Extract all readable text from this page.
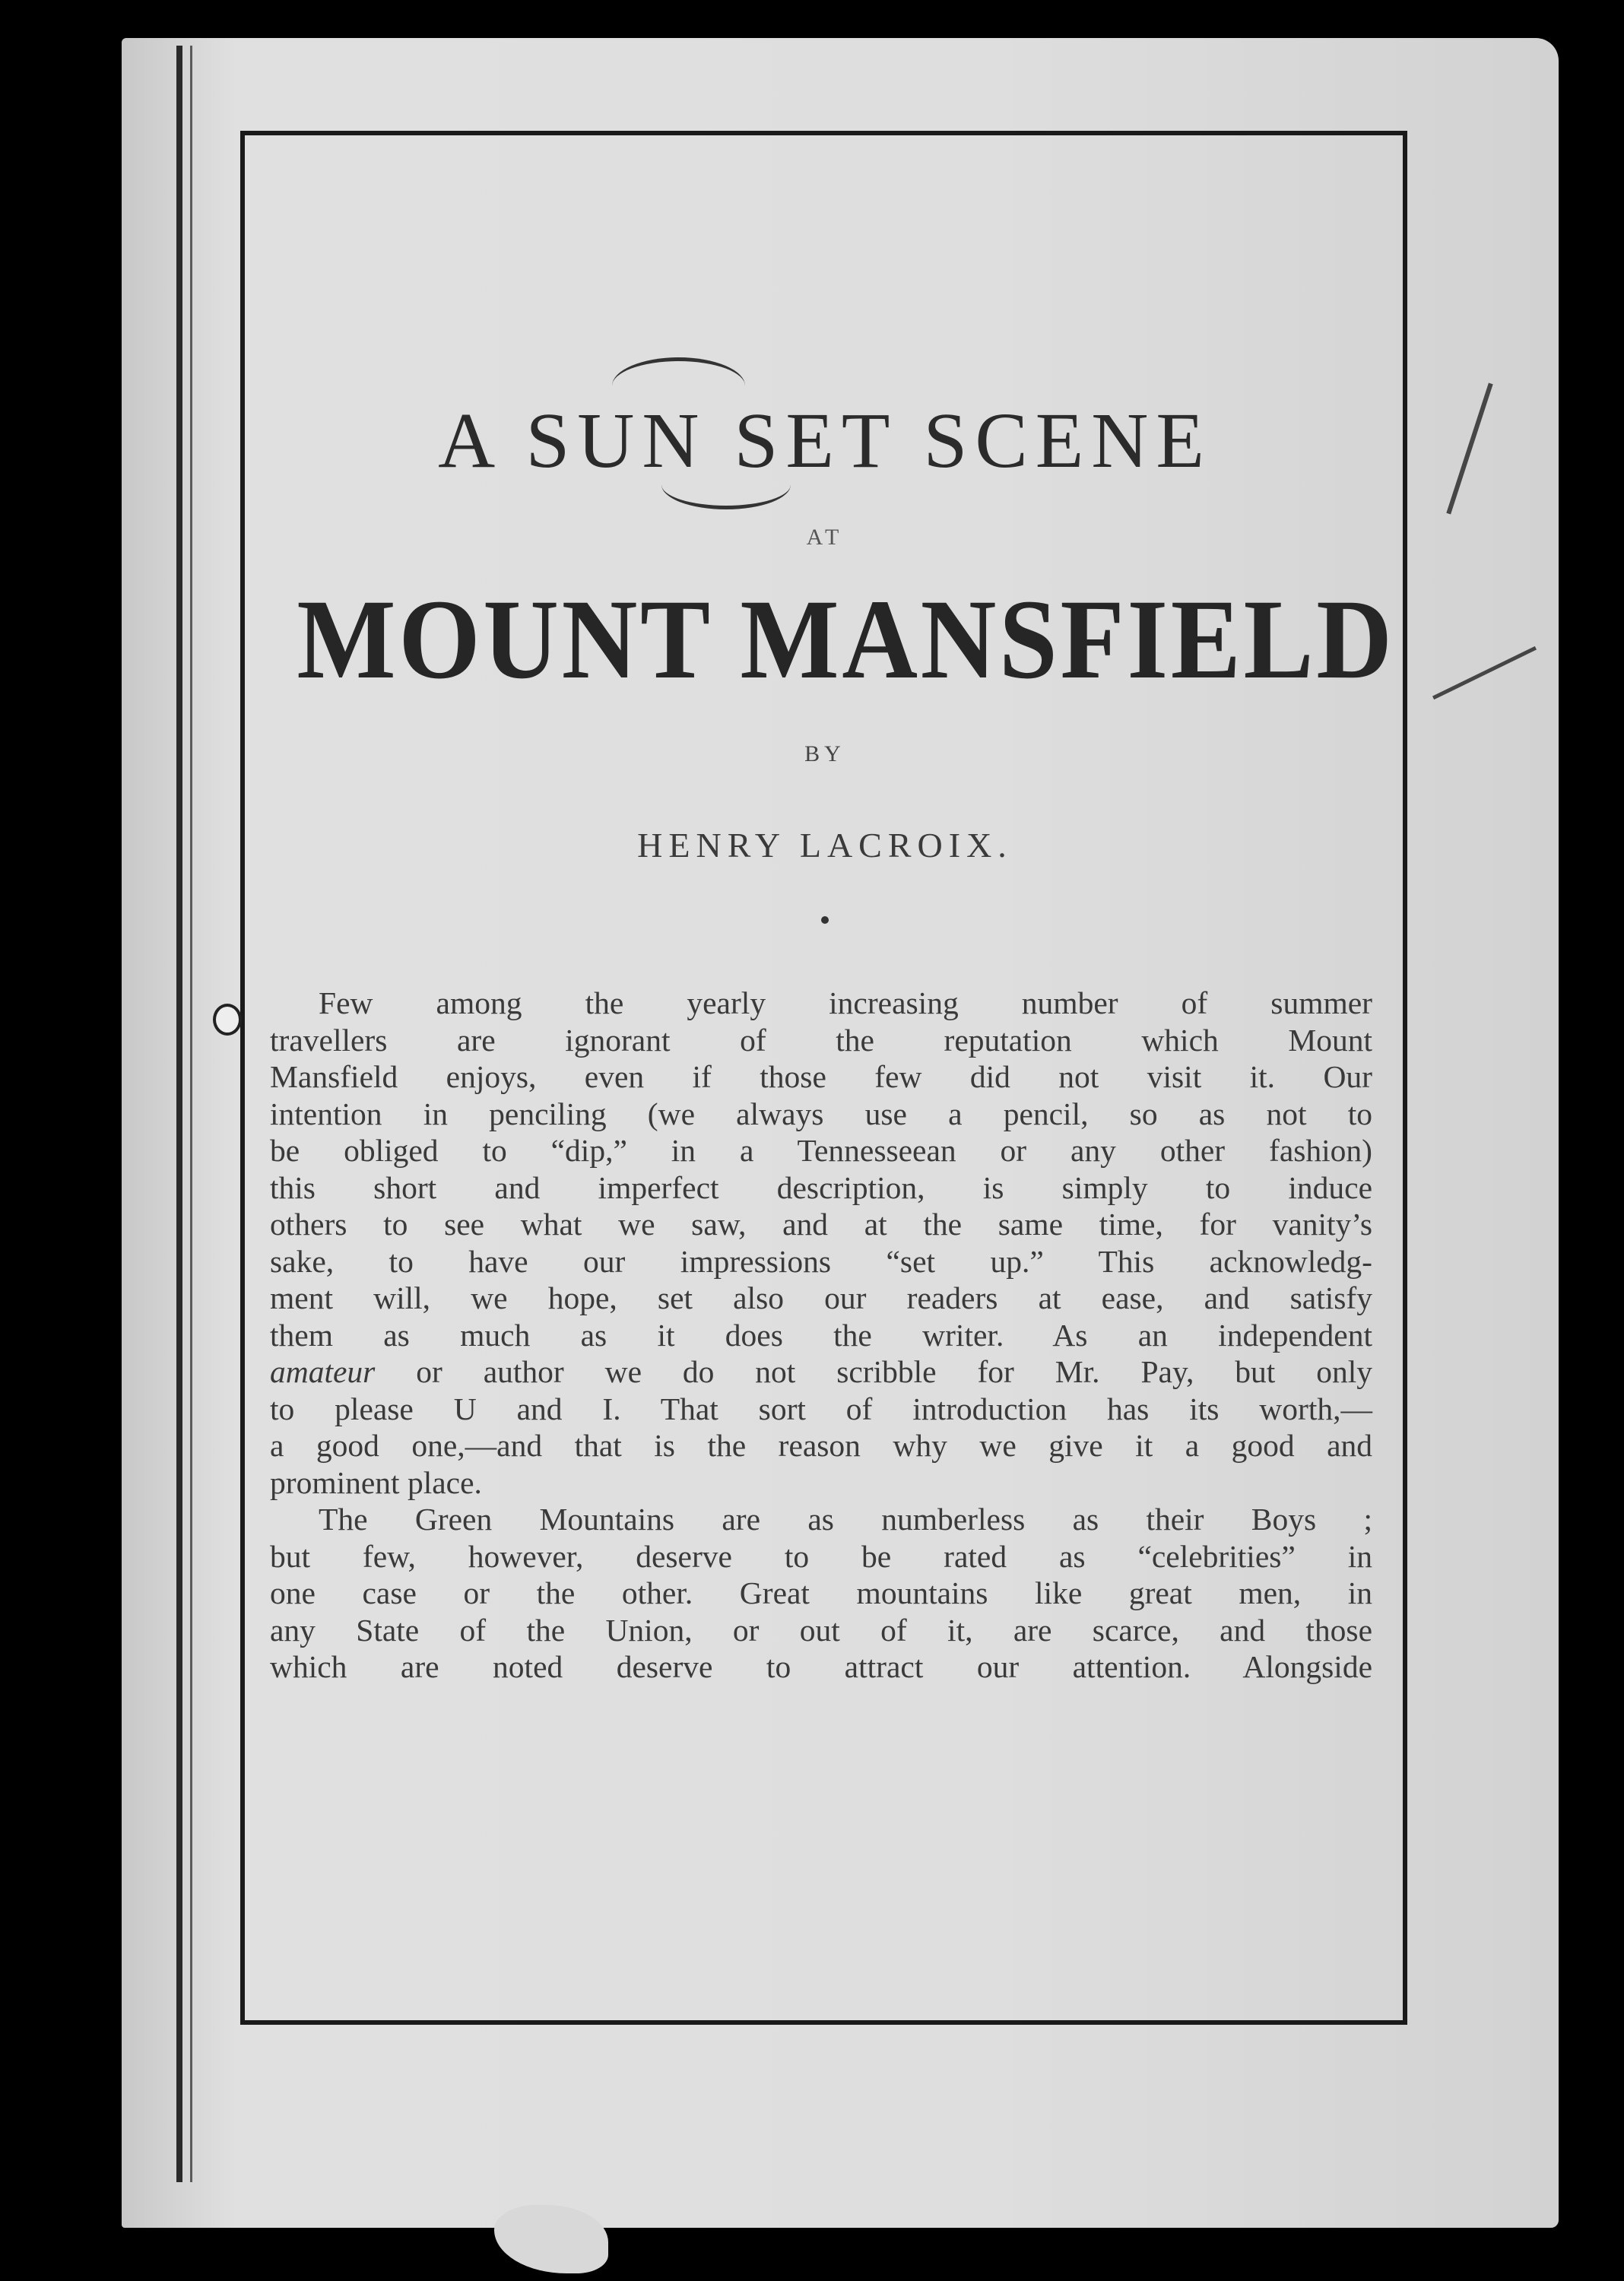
A SUN SET SCENE
AT
MOUNT MANSFIELD
BY
HENRY LACROIX.
Few among the yearly increasing number of summer
travellers are ignorant of the reputation which Mount
Mansfield enjoys, even if those few did not visit it. Our
intention in penciling (we always use a pencil, so as not to
be obliged to “dip,” in a Tennesseean or any other fashion)
this short and imperfect description, is simply to induce
others to see what we saw, and at the same time, for vanity’s
sake, to have our impressions “set up.” This acknowledg-
ment will, we hope, set also our readers at ease, and satisfy
them as much as it does the writer. As an independent
amateur or author we do not scribble for Mr. Pay, but only
to please U and I. That sort of introduction has its worth,—
a good one,—and that is the reason why we give it a good and
prominent place.
The Green Mountains are as numberless as their Boys ;
but few, however, deserve to be rated as “celebrities” in
one case or the other. Great mountains like great men, in
any State of the Union, or out of it, are scarce, and those
which are noted deserve to attract our attention. Alongside
